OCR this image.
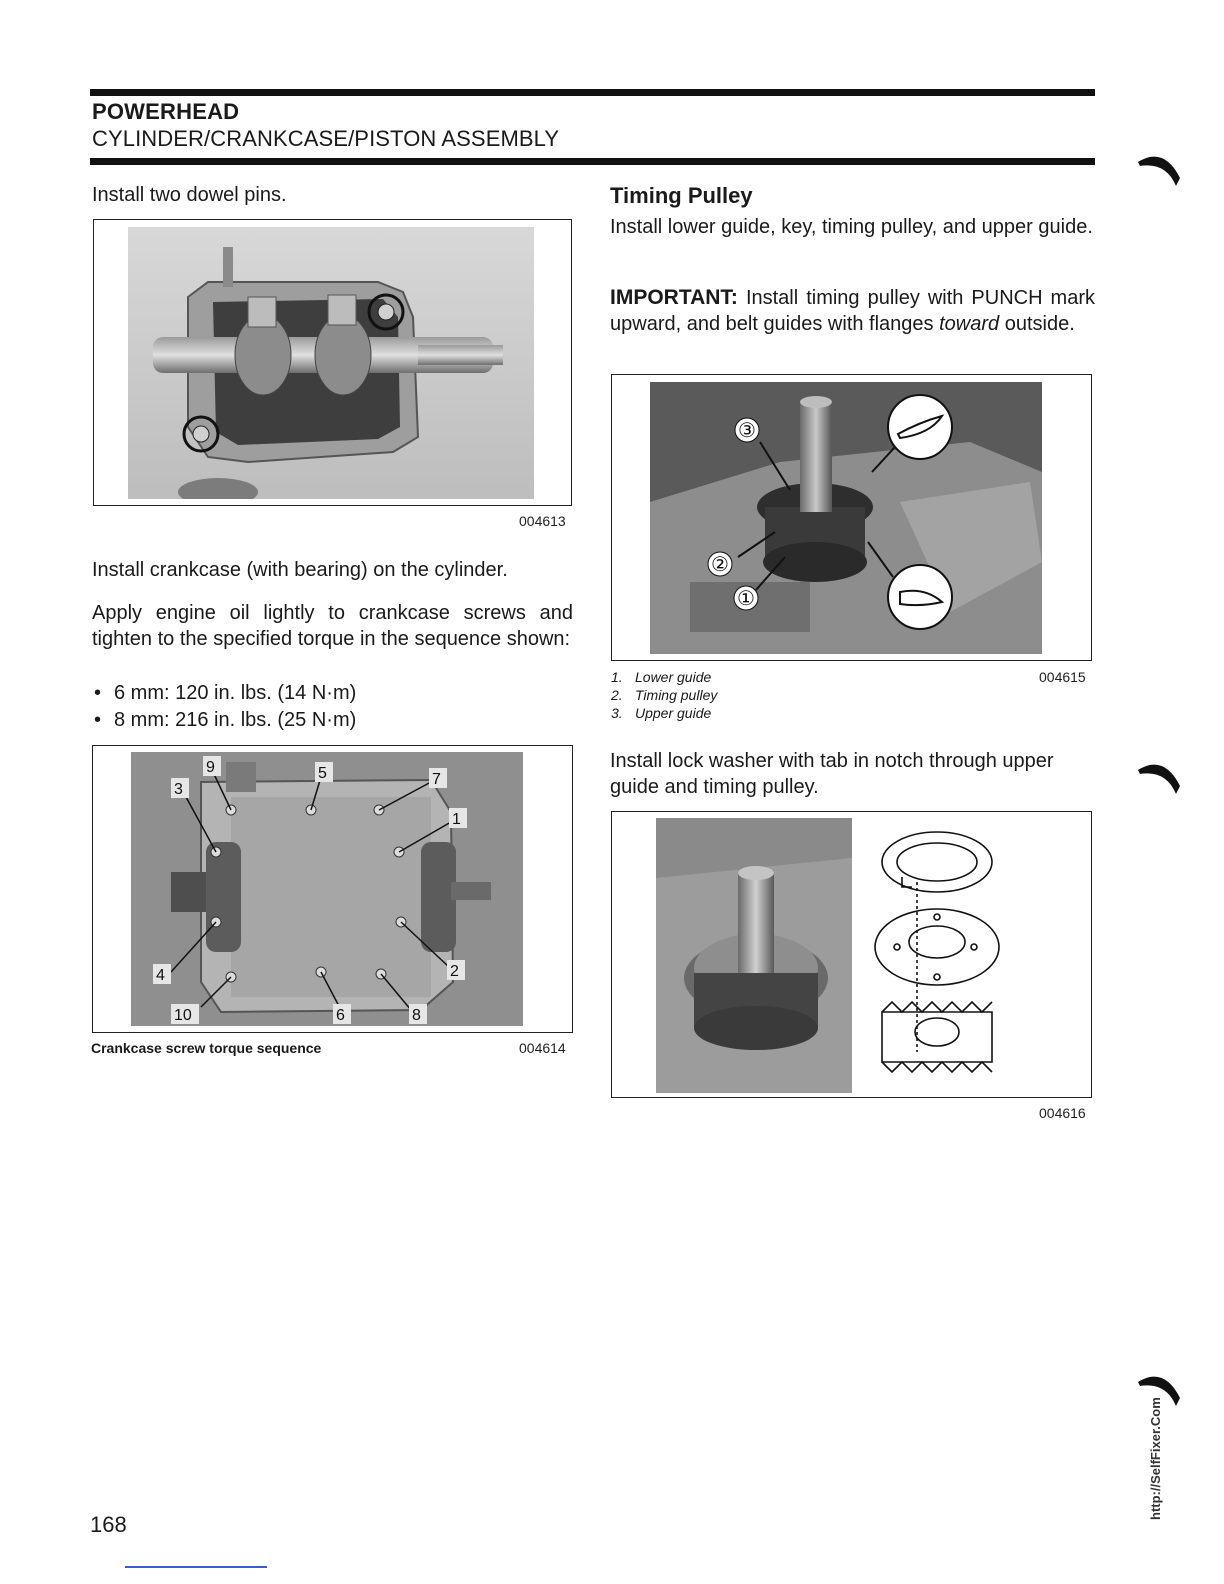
POWERHEAD
CYLINDER/CRANKCASE/PISTON ASSEMBLY

Install two dowel pins.

004613

Install crankcase (with bearing) on the cylinder.

Apply engine oil lightly to crankcase screws and tighten to the specified torque in the sequence shown:

• 6 mm: 120 in. lbs. (14 N·m)
• 8 mm: 216 in. lbs. (25 N·m)
9	5
3
7
1
4	2
10	6	8
Crankcase screw torque sequence	004614
Timing Pulley

Install lower guide, key, timing pulley, and upper guide.

IMPORTANT: Install timing pulley with PUNCH mark upward, and belt guides with flanges toward outside.

③
②
①
1. Lower guide
2. Timing pulley
3. Upper guide
004615

Install lock washer with tab in notch through upper guide and timing pulley.

004616
http://SelfFixer.Com
168
